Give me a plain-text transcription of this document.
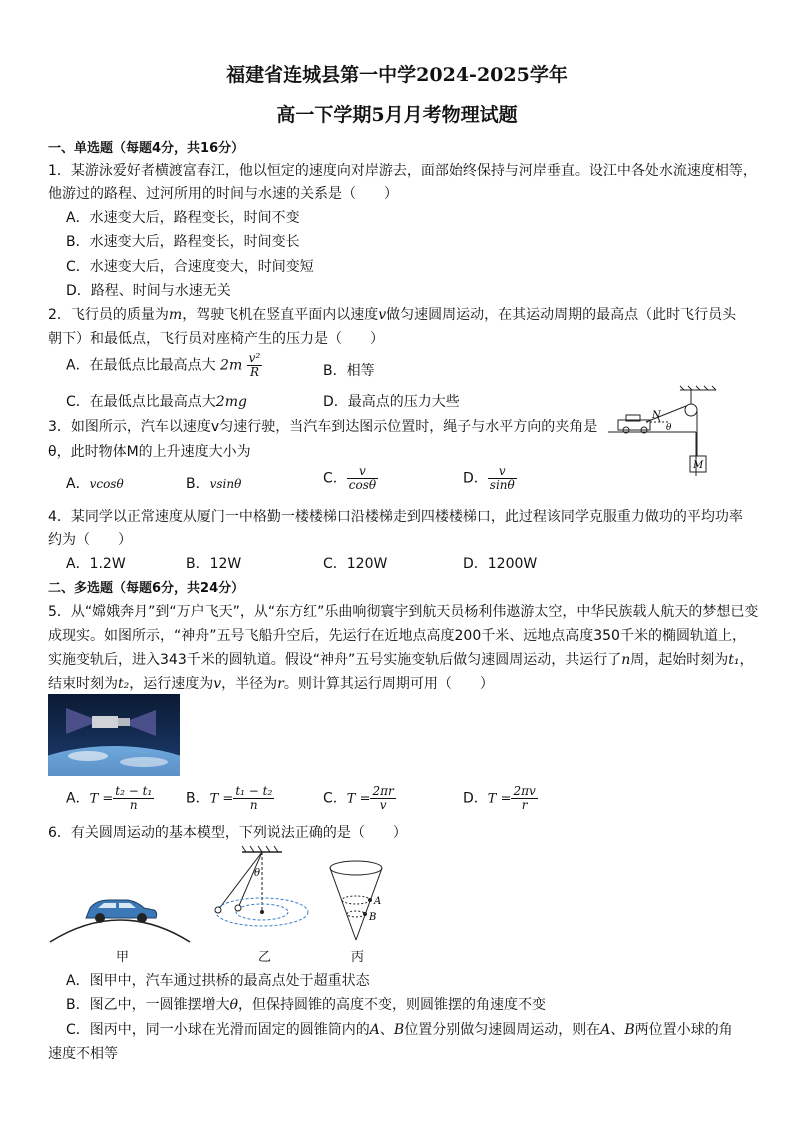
福建省连城县第一中学2024-2025学年
高一下学期5月月考物理试题
一、单选题（每题4分，共16分）
1．某游泳爱好者横渡富春江，他以恒定的速度向对岸游去，面部始终保持与河岸垂直。设江中各处水流速度相等，
他游过的路程、过河所用的时间与水速的关系是（　　）
A．水速变大后，路程变长，时间不变
B．水速变大后，路程变长，时间变长
C．水速变大后，合速度变大，时间变短
D．路程、时间与水速无关
2．飞行员的质量为m，驾驶飞机在竖直平面内以速度v做匀速圆周运动，在其运动周期的最高点（此时飞行员头
朝下）和最低点，飞行员对座椅产生的压力是（　　）
A．在最低点比最高点大 $2m \frac{\text{v²}}{R}$	B．相等
C．在最低点比最高点大2mg	D．最高点的压力大些
3．如图所示，汽车以速度v匀速行驶，当汽车到达图示位置时，绳子与水平方向的夹角是
θ，此时物体M的上升速度大小为
A．vcosθ	B．vsinθ	C． $\frac{v}{\cos\theta}$	D． $\frac{v}{\sin\theta}$
N
θ
M
4．某同学以正常速度从厦门一中格勤一楼楼梯口沿楼梯走到四楼楼梯口，此过程该同学克服重力做功的平均功率
约为（　　）
A．1.2W	B．12W	C．120W	D．1200W
二、多选题（每题6分，共24分）
5．从“嫦娥奔月”到“万户飞天”，从“东方红”乐曲响彻寰宇到航天员杨利伟遨游太空，中华民族载人航天的梦想已变
成现实。如图所示，“神舟”五号飞船升空后，先运行在近地点高度200千米、远地点高度350千米的椭圆轨道上，
实施变轨后，进入343千米的圆轨道。假设“神舟”五号实施变轨后做匀速圆周运动，共运行了n周，起始时刻为t₁，
结束时刻为t₂，运行速度为v，半径为r。则计算其运行周期可用（　　）
A．$T = \frac{\text{t₂ − t₁}}{n}$ B．$T = \frac{\text{t₁ − t₂}}{n}$	C．$T = \frac{2\pi r}{v}$	D．$T = \frac{2\pi v}{r}$
6．有关圆周运动的基本模型，下列说法正确的是（　　）
甲
θ
乙
A
B
丙
A．图甲中，汽车通过拱桥的最高点处于超重状态
B．图乙中，一圆锥摆增大θ，但保持圆锥的高度不变，则圆锥摆的角速度不变
C．图丙中，同一小球在光滑而固定的圆锥筒内的A、B位置分别做匀速圆周运动，则在A、B两位置小球的角
速度不相等
